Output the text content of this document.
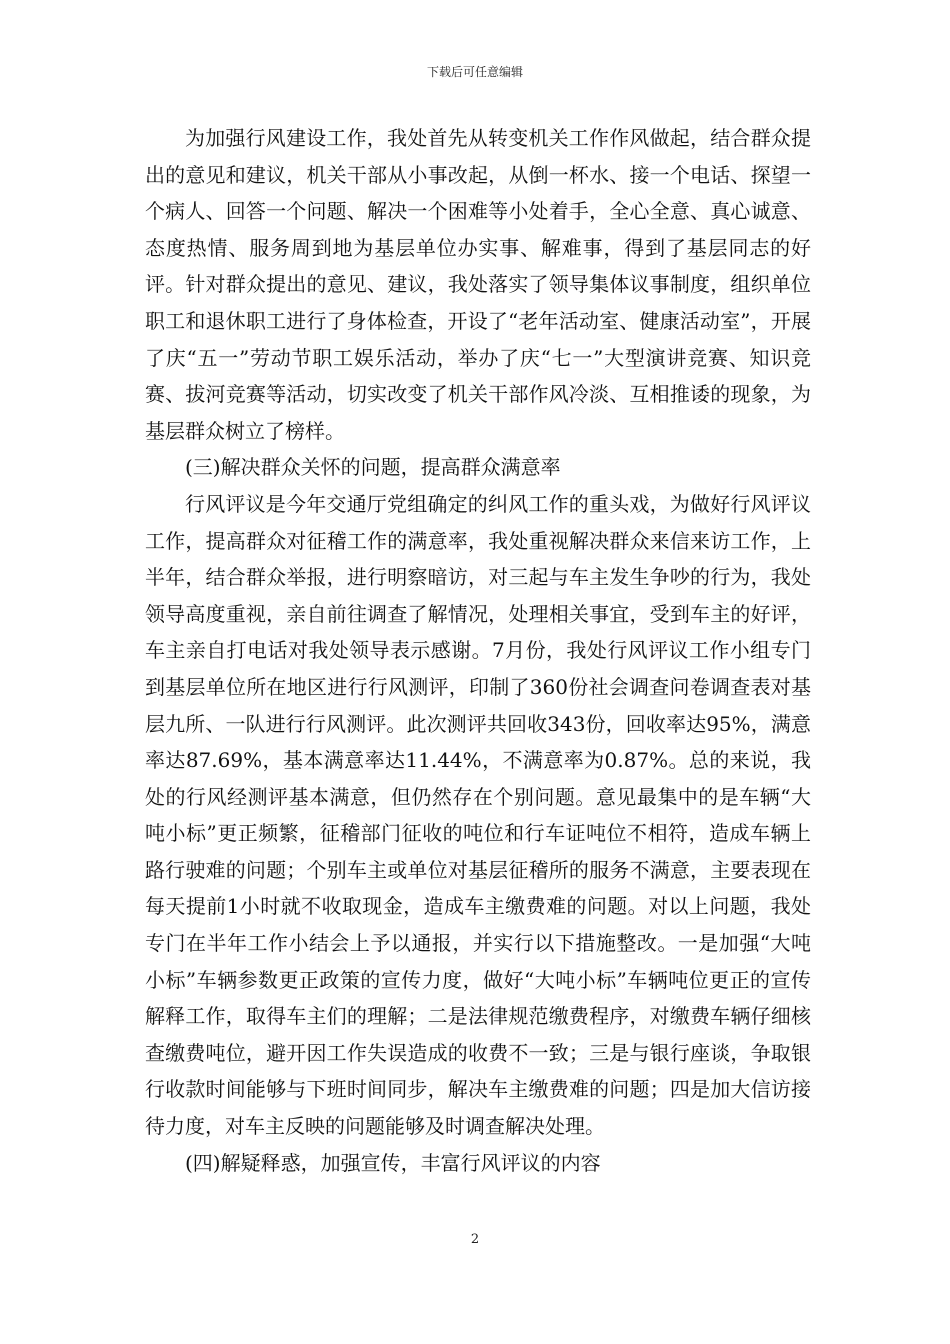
下载后可任意编辑

为加强行风建设工作，我处首先从转变机关工作作风做起，结合群众提出的意见和建议，机关干部从小事改起，从倒一杯水、接一个电话、探望一个病人、回答一个问题、解决一个困难等小处着手，全心全意、真心诚意、态度热情、服务周到地为基层单位办实事、解难事，得到了基层同志的好评。针对群众提出的意见、建议，我处落实了领导集体议事制度，组织单位职工和退休职工进行了身体检查，开设了“老年活动室、健康活动室”，开展了庆“五一”劳动节职工娱乐活动，举办了庆“七一”大型演讲竞赛、知识竞赛、拔河竞赛等活动，切实改变了机关干部作风冷淡、互相推诿的现象，为基层群众树立了榜样。

(三)解决群众关怀的问题，提高群众满意率

行风评议是今年交通厅党组确定的纠风工作的重头戏，为做好行风评议工作，提高群众对征稽工作的满意率，我处重视解决群众来信来访工作，上半年，结合群众举报，进行明察暗访，对三起与车主发生争吵的行为，我处领导高度重视，亲自前往调查了解情况，处理相关事宜，受到车主的好评，车主亲自打电话对我处领导表示感谢。7月份，我处行风评议工作小组专门到基层单位所在地区进行行风测评，印制了360份社会调查问卷调查表对基层九所、一队进行行风测评。此次测评共回收343份，回收率达95%，满意率达87.69%，基本满意率达11.44%，不满意率为0.87%。总的来说，我处的行风经测评基本满意，但仍然存在个别问题。意见最集中的是车辆“大吨小标”更正频繁，征稽部门征收的吨位和行车证吨位不相符，造成车辆上路行驶难的问题；个别车主或单位对基层征稽所的服务不满意，主要表现在每天提前1小时就不收取现金，造成车主缴费难的问题。对以上问题，我处专门在半年工作小结会上予以通报，并实行以下措施整改。一是加强“大吨小标”车辆参数更正政策的宣传力度，做好“大吨小标”车辆吨位更正的宣传解释工作，取得车主们的理解；二是法律规范缴费程序，对缴费车辆仔细核查缴费吨位，避开因工作失误造成的收费不一致；三是与银行座谈，争取银行收款时间能够与下班时间同步，解决车主缴费难的问题；四是加大信访接待力度，对车主反映的问题能够及时调查解决处理。

(四)解疑释惑，加强宣传，丰富行风评议的内容

2
